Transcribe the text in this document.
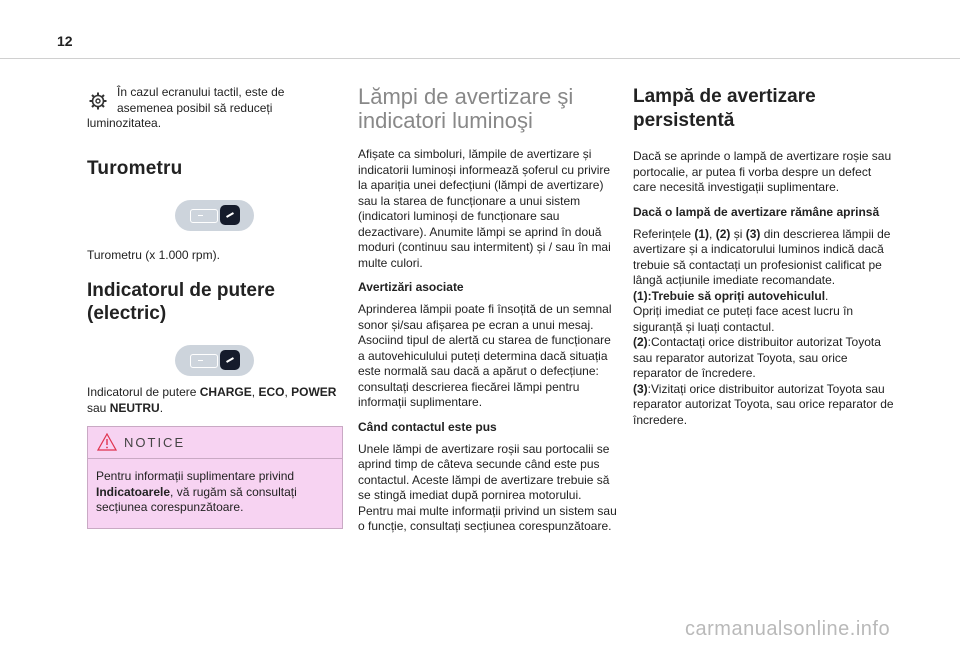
12

În cazul ecranului tactil, este de asemenea posibil să reduceți
luminozitatea.

Turometru

Turometru (x 1.000 rpm).

Indicatorul de putere (electric)

Indicatorul de putere CHARGE, ECO, POWER sau NEUTRU.

NOTICE
Pentru informații suplimentare privind Indicatoarele, vă rugăm să consultați secțiunea corespunzătoare.
Lămpi de avertizare şi indicatori luminoşi

Afișate ca simboluri, lămpile de avertizare și indicatorii luminoși informează șoferul cu privire la apariția unei defecțiuni (lămpi de avertizare) sau la starea de funcționare a unui sistem (indicatori luminoși de funcționare sau dezactivare). Anumite lămpi se aprind în două moduri (continuu sau intermitent) și / sau în mai multe culori.

Avertizări asociate

Aprinderea lămpii poate fi însoțită de un semnal sonor și/sau afișarea pe ecran a unui mesaj. Asociind tipul de alertă cu starea de funcționare a autovehiculului puteți determina dacă situația este normală sau dacă a apărut o defecțiune: consultați descrierea fiecărei lămpi pentru informații suplimentare.

Când contactul este pus

Unele lămpi de avertizare roșii sau portocalii se aprind timp de câteva secunde când este pus contactul. Aceste lămpi de avertizare trebuie să se stingă imediat după pornirea motorului.

Pentru mai multe informații privind un sistem sau o funcție, consultați secțiunea corespunzătoare.

Lampă de avertizare persistentă

Dacă se aprinde o lampă de avertizare roșie sau portocalie, ar putea fi vorba despre un defect care necesită investigații suplimentare.

Dacă o lampă de avertizare rămâne aprinsă

Referințele (1), (2) și (3) din descrierea lămpii de avertizare și a indicatorului luminos indică dacă trebuie să contactați un profesionist calificat pe lângă acțiunile imediate recomandate.

(1):Trebuie să opriți autovehiculul.

Opriți imediat ce puteți face acest lucru în siguranță și luați contactul.

(2):Contactați orice distribuitor autorizat Toyota sau reparator autorizat Toyota, sau orice reparator de încredere.

(3):Vizitați orice distribuitor autorizat Toyota sau reparator autorizat Toyota, sau orice reparator de încredere.

carmanualsonline.info
